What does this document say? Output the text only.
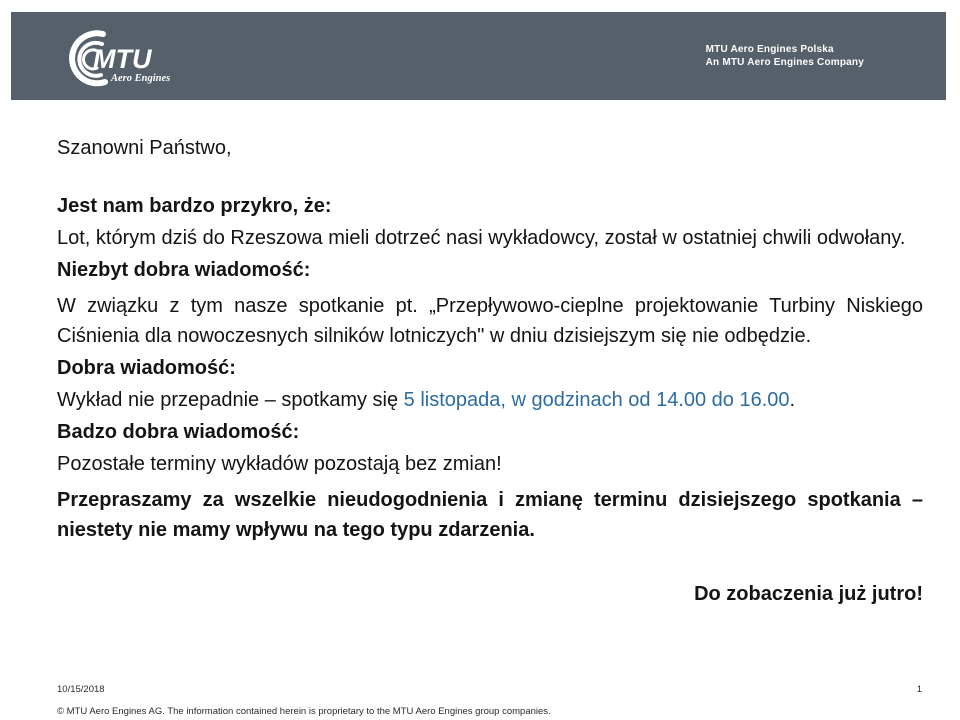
MTU
Aero Engines
MTU Aero Engines Polska
An MTU Aero Engines Company

Szanowni Państwo,

Jest nam bardzo przykro, że:

Lot, którym dziś do Rzeszowa mieli dotrzeć nasi wykładowcy, został w ostatniej chwili odwołany.

Niezbyt dobra wiadomość:

W związku z tym nasze spotkanie pt. „Przepływowo-cieplne projektowanie Turbiny Niskiego Ciśnienia dla nowoczesnych silników lotniczych" w dniu dzisiejszym się nie odbędzie.

Dobra wiadomość:

Wykład nie przepadnie – spotkamy się 5 listopada, w godzinach od 14.00 do 16.00.

Badzo dobra wiadomość:

Pozostałe terminy wykładów pozostają bez zmian!

Przepraszamy za wszelkie nieudogodnienia i zmianę terminu dzisiejszego spotkania – niestety nie mamy wpływu na tego typu zdarzenia.

Do zobaczenia już jutro!

10/15/2018	1
© MTU Aero Engines AG. The information contained herein is proprietary to the MTU Aero Engines group companies.
